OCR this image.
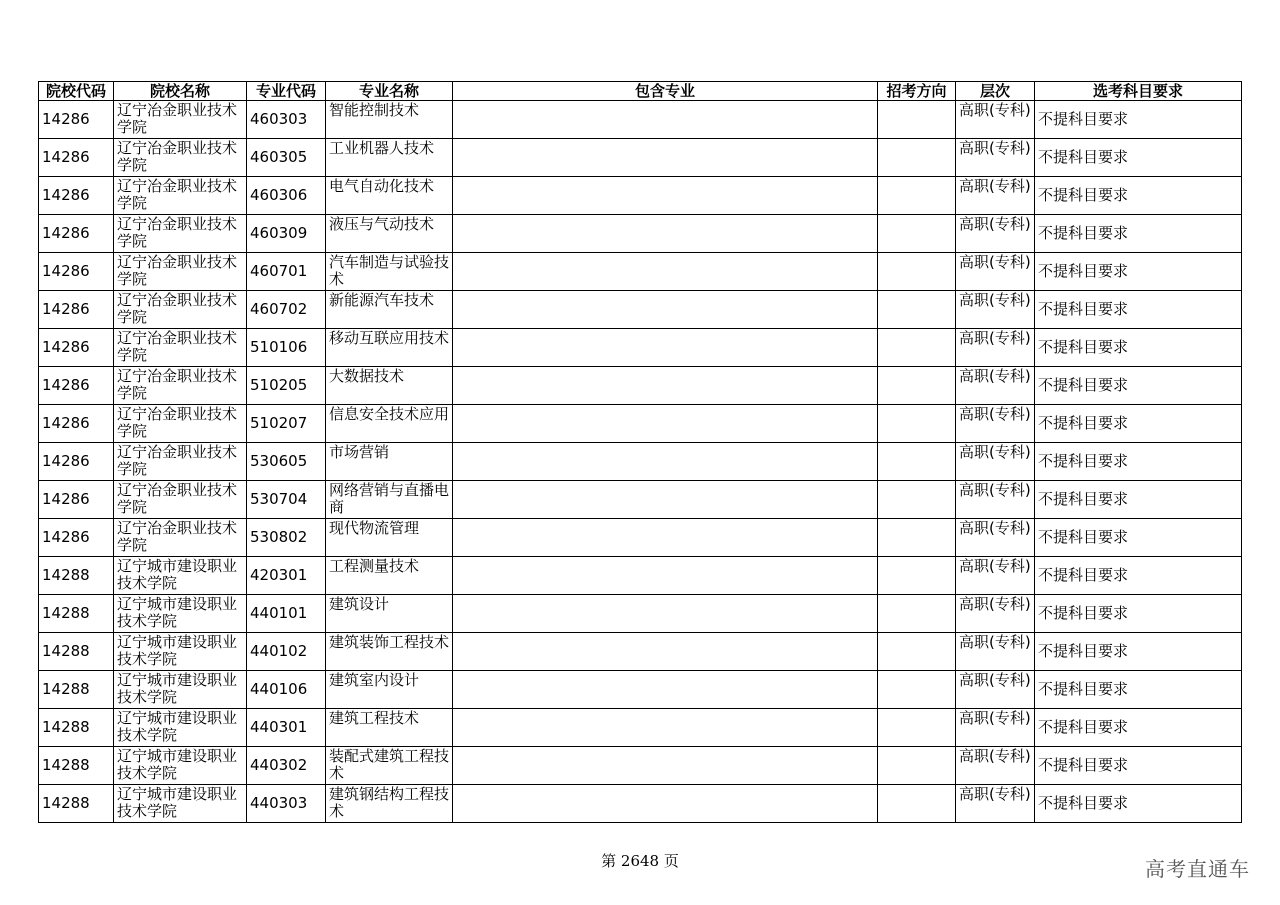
院校代码	院校名称	专业代码	专业名称	包含专业	招考方向	层次	选考科目要求
14286	辽宁冶金职业技术学院	460303	智能控制技术			高职(专科)	不提科目要求
14286	辽宁冶金职业技术学院	460305	工业机器人技术			高职(专科)	不提科目要求
14286	辽宁冶金职业技术学院	460306	电气自动化技术			高职(专科)	不提科目要求
14286	辽宁冶金职业技术学院	460309	液压与气动技术			高职(专科)	不提科目要求
14286	辽宁冶金职业技术学院	460701	汽车制造与试验技术			高职(专科)	不提科目要求
14286	辽宁冶金职业技术学院	460702	新能源汽车技术			高职(专科)	不提科目要求
14286	辽宁冶金职业技术学院	510106	移动互联应用技术			高职(专科)	不提科目要求
14286	辽宁冶金职业技术学院	510205	大数据技术			高职(专科)	不提科目要求
14286	辽宁冶金职业技术学院	510207	信息安全技术应用			高职(专科)	不提科目要求
14286	辽宁冶金职业技术学院	530605	市场营销			高职(专科)	不提科目要求
14286	辽宁冶金职业技术学院	530704	网络营销与直播电商			高职(专科)	不提科目要求
14286	辽宁冶金职业技术学院	530802	现代物流管理			高职(专科)	不提科目要求
14288	辽宁城市建设职业技术学院	420301	工程测量技术			高职(专科)	不提科目要求
14288	辽宁城市建设职业技术学院	440101	建筑设计			高职(专科)	不提科目要求
14288	辽宁城市建设职业技术学院	440102	建筑装饰工程技术			高职(专科)	不提科目要求
14288	辽宁城市建设职业技术学院	440106	建筑室内设计			高职(专科)	不提科目要求
14288	辽宁城市建设职业技术学院	440301	建筑工程技术			高职(专科)	不提科目要求
14288	辽宁城市建设职业技术学院	440302	装配式建筑工程技术			高职(专科)	不提科目要求
14288	辽宁城市建设职业技术学院	440303	建筑钢结构工程技术			高职(专科)	不提科目要求
第 2648 页	高考直通车
